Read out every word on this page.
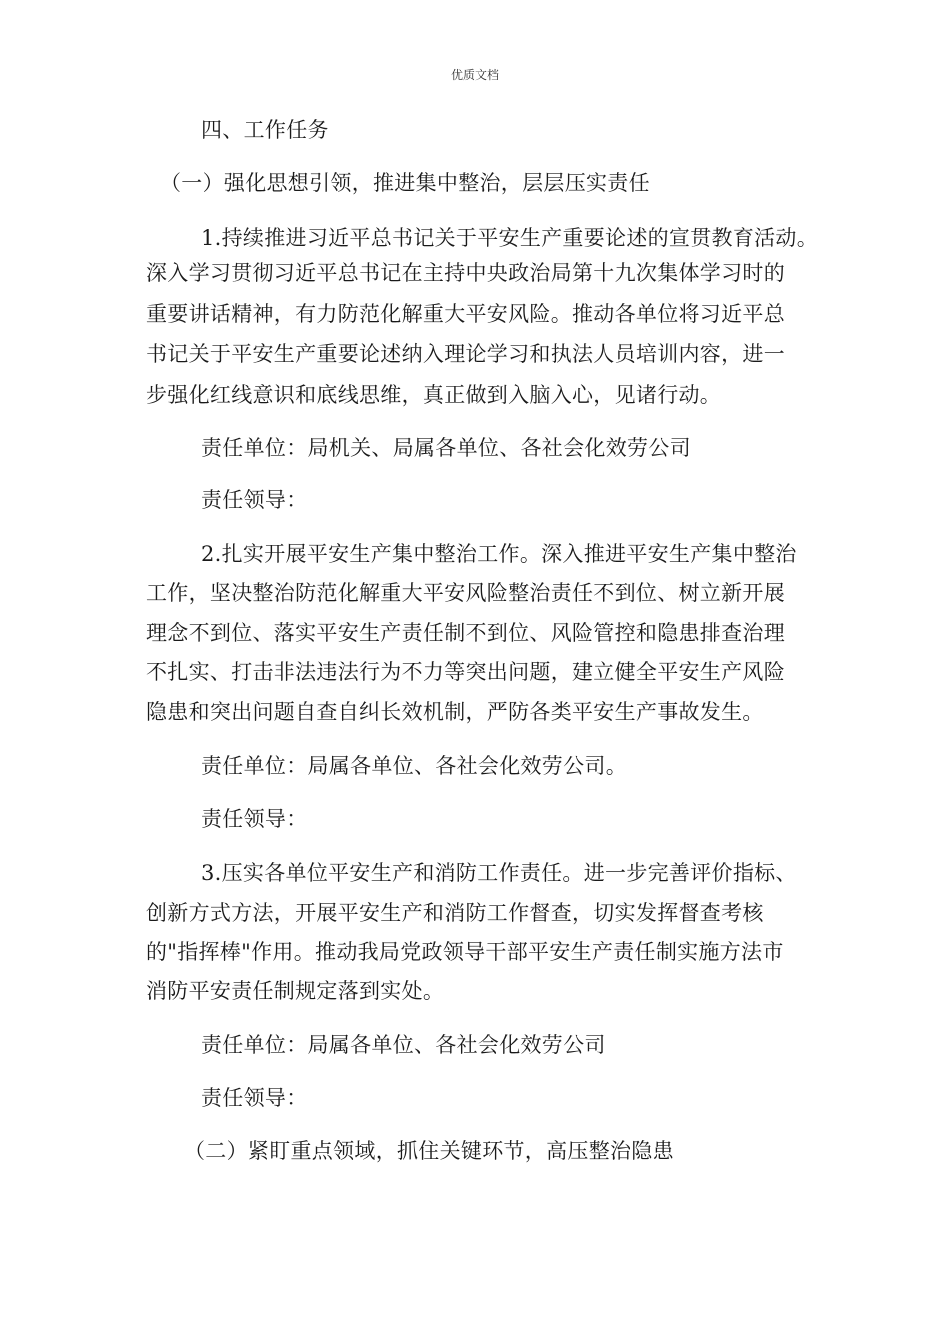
优质文档
四、工作任务
（一）强化思想引领，推进集中整治，层层压实责任
1.持续推进习近平总书记关于平安生产重要论述的宣贯教育活动。
深入学习贯彻习近平总书记在主持中央政治局第十九次集体学习时的
重要讲话精神，有力防范化解重大平安风险。推动各单位将习近平总
书记关于平安生产重要论述纳入理论学习和执法人员培训内容，进一
步强化红线意识和底线思维，真正做到入脑入心，见诸行动。
责任单位：局机关、局属各单位、各社会化效劳公司
责任领导：
2.扎实开展平安生产集中整治工作。深入推进平安生产集中整治
工作，坚决整治防范化解重大平安风险整治责任不到位、树立新开展
理念不到位、落实平安生产责任制不到位、风险管控和隐患排查治理
不扎实、打击非法违法行为不力等突出问题，建立健全平安生产风险
隐患和突出问题自查自纠长效机制，严防各类平安生产事故发生。
责任单位：局属各单位、各社会化效劳公司。
责任领导：
3.压实各单位平安生产和消防工作责任。进一步完善评价指标、
创新方式方法，开展平安生产和消防工作督查，切实发挥督查考核
的"指挥棒"作用。推动我局党政领导干部平安生产责任制实施方法市
消防平安责任制规定落到实处。
责任单位：局属各单位、各社会化效劳公司
责任领导：
（二）紧盯重点领域，抓住关键环节，高压整治隐患
